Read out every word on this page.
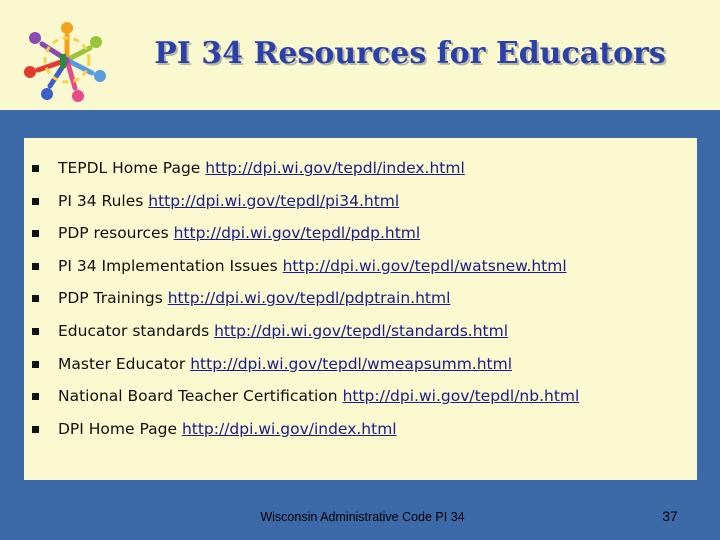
PI 34 Resources for Educators
TEPDL Home Page http://dpi.wi.gov/tepdl/index.html
PI 34 Rules http://dpi.wi.gov/tepdl/pi34.html
PDP resources http://dpi.wi.gov/tepdl/pdp.html
PI 34 Implementation Issues http://dpi.wi.gov/tepdl/watsnew.html
PDP Trainings http://dpi.wi.gov/tepdl/pdptrain.html
Educator standards http://dpi.wi.gov/tepdl/standards.html
Master Educator http://dpi.wi.gov/tepdl/wmeapsumm.html
National Board Teacher Certification http://dpi.wi.gov/tepdl/nb.html
DPI Home Page http://dpi.wi.gov/index.html
Wisconsin Administrative Code PI 34	37
